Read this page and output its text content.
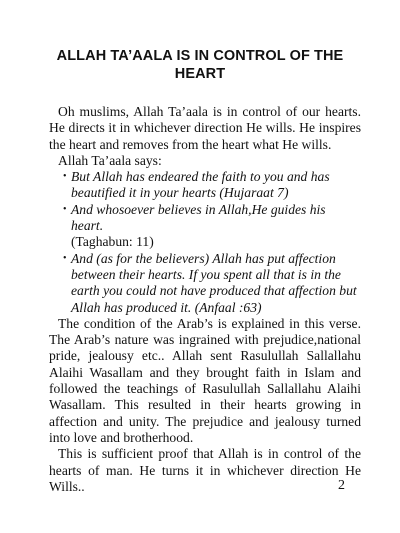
ALLAH TA’AALA IS IN CONTROL OF THE HEART

Oh muslims, Allah Ta’aala is in control of our hearts. He directs it in whichever direction He wills. He inspires the heart and removes from the heart what He wills.

Allah Ta’aala says:

• But Allah has endeared the faith to you and has beautified it in your hearts (Hujaraat 7)
• And whosoever believes in Allah,He guides his heart.
(Taghabun: 11)
• And (as for the believers) Allah has put affection between their hearts. If you spent all that is in the earth you could not have produced that affection but Allah has produced it. (Anfaal :63)

The condition of the Arab’s is explained in this verse. The Arab’s nature was ingrained with prejudice,national pride, jealousy etc.. Allah sent Rasulullah Sallallahu Alaihi Wasallam and they brought faith in Islam and followed the teachings of Rasulullah Sallallahu Alaihi Wasallam. This resulted in their hearts growing in affection and unity. The prejudice and jealousy turned into love and brotherhood.

This is sufficient proof that Allah is in control of the hearts of man. He turns it in whichever direction He Wills..	2
